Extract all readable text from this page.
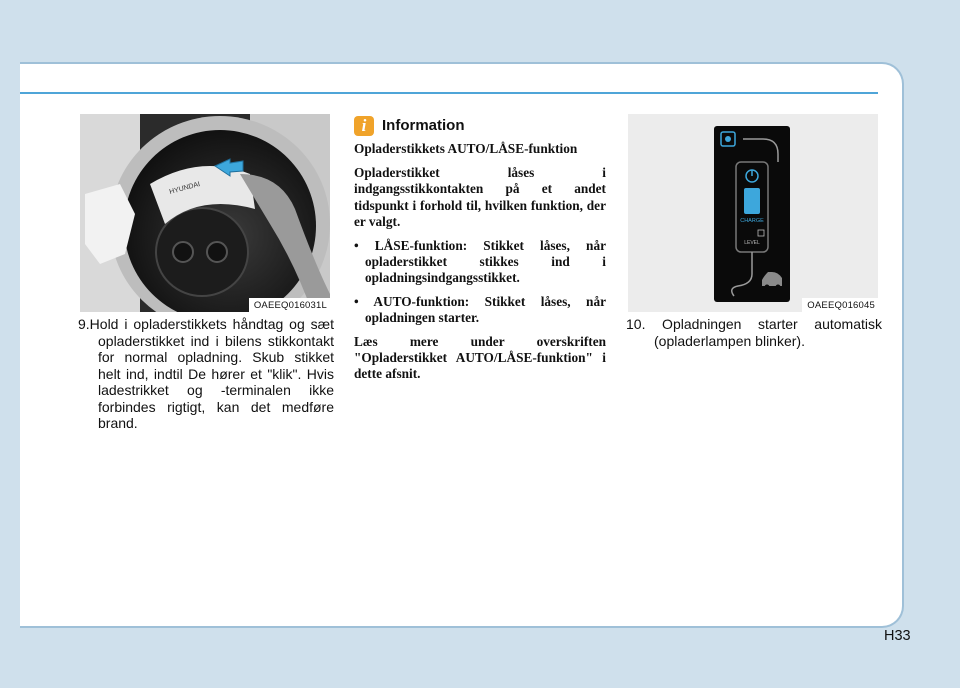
HYUNDAI
OAEEQ016031L

9.Hold i opladerstikkets håndtag og sæt opladerstikket ind i bilens stikkontakt for normal opladning. Skub stikket helt ind, indtil De hører et "klik". Hvis ladestrikket og -terminalen ikke forbindes rigtigt, kan det medføre brand.

i	Information

Opladerstikkets AUTO/LÅSE-funktion

Opladerstikket låses i indgangsstikkontakten på et andet tidspunkt i forhold til, hvilken funktion, der er valgt.

• LÅSE-funktion: Stikket låses, når opladerstikket stikkes ind i opladningsindgangsstikket.
• AUTO-funktion: Stikket låses, når opladningen starter.

Læs mere under overskriften "Opladerstikket AUTO/LÅSE-funktion" i dette afsnit.

CHARGE
LEVEL
OAEEQ016045

10. Opladningen starter automatisk (opladerlampen blinker).

H33
